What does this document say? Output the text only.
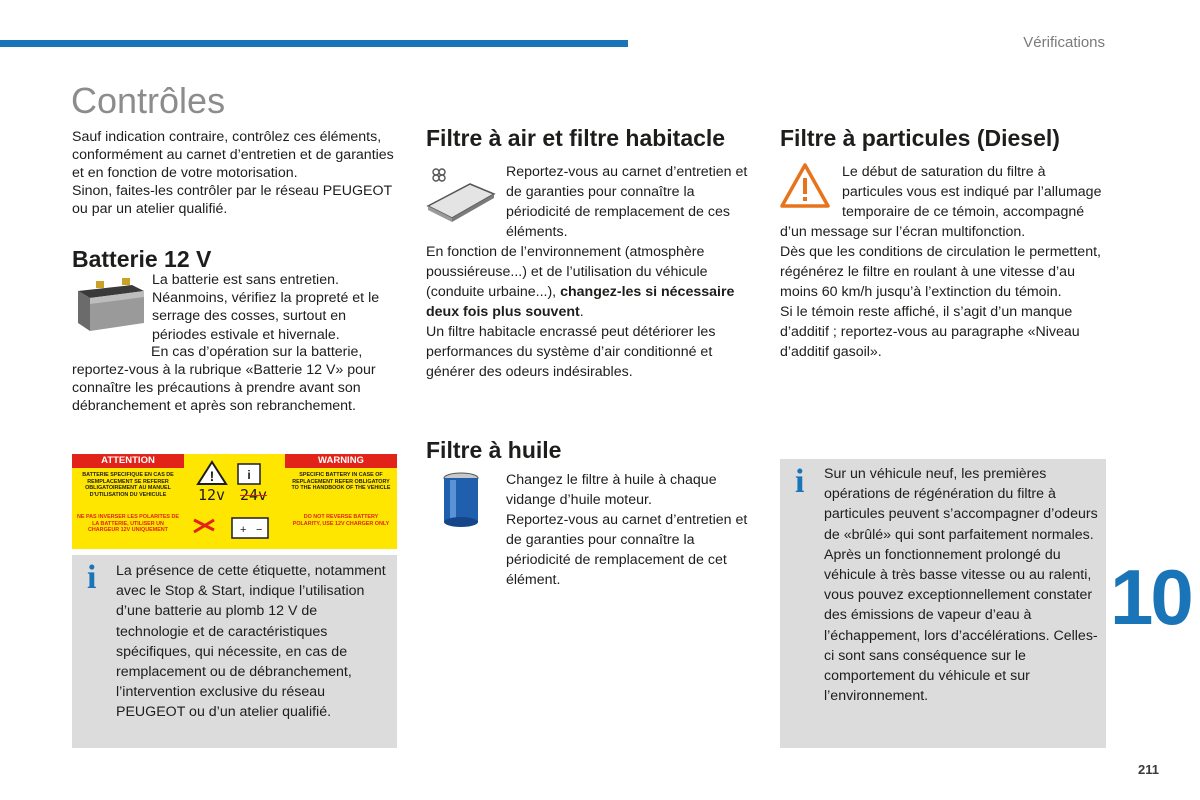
Vérifications
Contrôles

Sauf indication contraire, contrôlez ces éléments, conformément au carnet d’entretien et de garanties et en fonction de votre motorisation.

Sinon, faites-les contrôler par le réseau PEUGEOT ou par un atelier qualifié.

Batterie 12 V

La batterie est sans entretien.

Néanmoins, vérifiez la propreté et le serrage des cosses, surtout en périodes estivale et hivernale.

En cas d’opération sur la batterie, reportez-vous à la rubrique «Batterie 12 V» pour connaître les précautions à prendre avant son débranchement et après son rebranchement.

ATTENTION	WARNING
BATTERIE SPECIFIQUE EN CAS DE REMPLACEMENT SE REFERER OBLIGATOIREMENT AU MANUEL D'UTILISATION DU VEHICULE
SPECIFIC BATTERY IN CASE OF REPLACEMENT REFER OBLIGATORY TO THE HANDBOOK OF THE VEHICLE
NE PAS INVERSER LES POLARITES DE LA BATTERIE, UTILISER UN CHARGEUR 12V UNIQUEMENT
DO NOT REVERSE BATTERY POLARITY, USE 12V CHARGER ONLY
!	i
12v 24v
+ −
i La présence de cette étiquette, notamment avec le Stop & Start, indique l’utilisation d’une batterie au plomb 12 V de technologie et de caractéristiques spécifiques, qui nécessite, en cas de remplacement ou de débranchement, l’intervention exclusive du réseau PEUGEOT ou d’un atelier qualifié.

Filtre à air et filtre habitacle

Reportez-vous au carnet d’entretien et de garanties pour connaître la périodicité de remplacement de ces éléments.

En fonction de l’environnement (atmosphère poussiéreuse...) et de l’utilisation du véhicule (conduite urbaine...), changez-les si nécessaire deux fois plus souvent.

Un filtre habitacle encrassé peut détériorer les performances du système d’air conditionné et générer des odeurs indésirables.

Filtre à huile

Changez le filtre à huile à chaque vidange d’huile moteur.

Reportez-vous au carnet d’entretien et de garanties pour connaître la périodicité de remplacement de cet élément.

Filtre à particules (Diesel)

Le début de saturation du filtre à particules vous est indiqué par l’allumage temporaire de ce témoin, accompagné d’un message sur l’écran multifonction.

Dès que les conditions de circulation le permettent, régénérez le filtre en roulant à une vitesse d’au moins 60 km/h jusqu’à l’extinction du témoin.

Si le témoin reste affiché, il s’agit d’un manque d’additif ; reportez-vous au paragraphe «Niveau d’additif gasoil».

i Sur un véhicule neuf, les premières opérations de régénération du filtre à particules peuvent s’accompagner d’odeurs de «brûlé» qui sont parfaitement normales.
Après un fonctionnement prolongé du véhicule à très basse vitesse ou au ralenti, vous pouvez exceptionnellement constater des émissions de vapeur d’eau à l’échappement, lors d’accélérations. Celles-ci sont sans conséquence sur le comportement du véhicule et sur l’environnement.

10
211
